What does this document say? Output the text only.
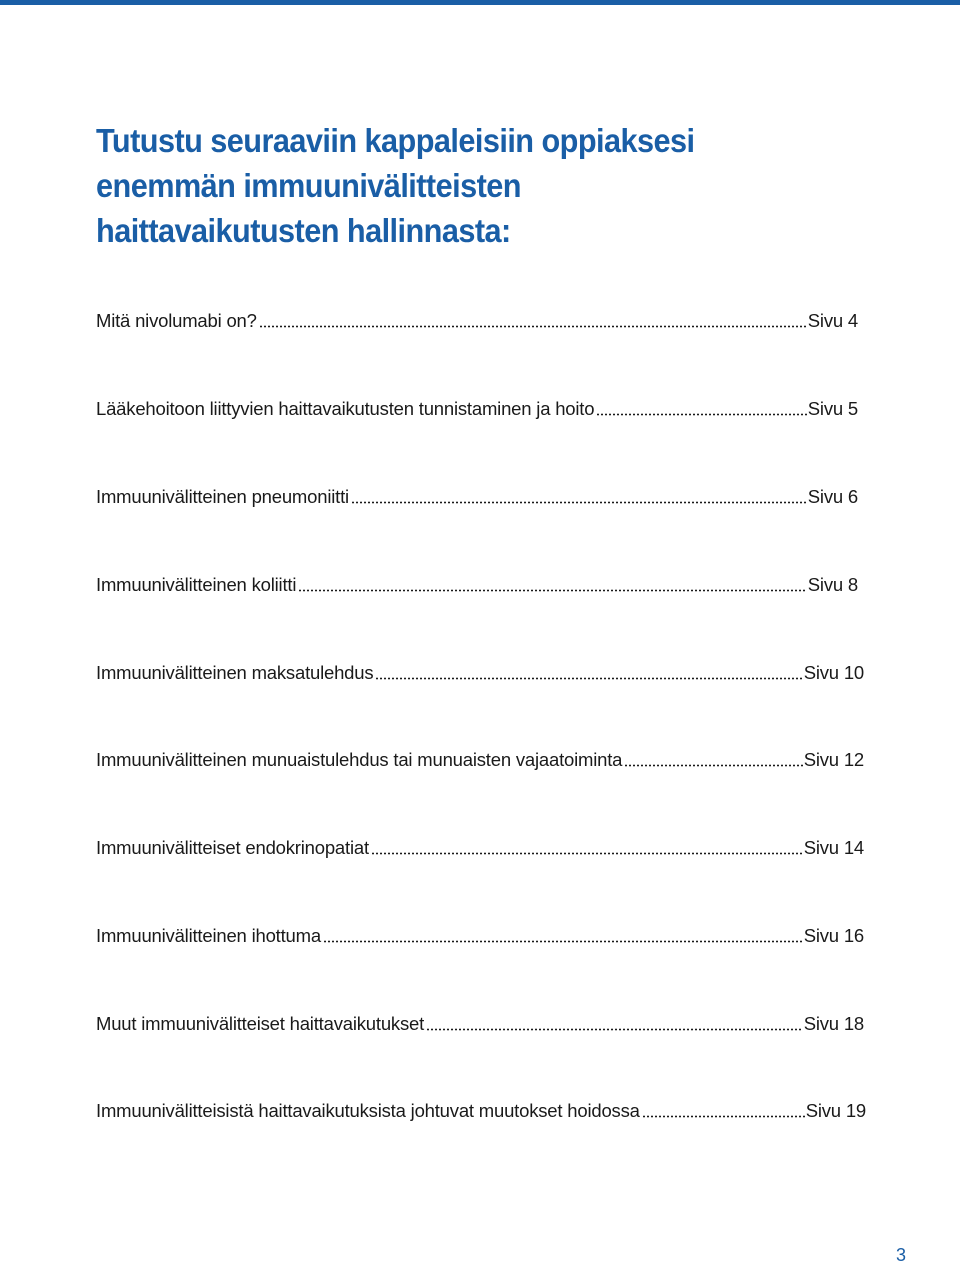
Tutustu seuraaviin kappaleisiin oppiaksesi
enemmän immuunivälitteisten
haittavaikutusten hallinnasta:
Mitä nivolumabi on?	Sivu 4
Lääkehoitoon liittyvien haittavaikutusten tunnistaminen ja hoito	Sivu 5
Immuunivälitteinen pneumoniitti	Sivu 6
Immuunivälitteinen koliitti	Sivu 8
Immuunivälitteinen maksatulehdus	Sivu 10
Immuunivälitteinen munuaistulehdus tai munuaisten vajaatoiminta	Sivu 12
Immuunivälitteiset endokrinopatiat	Sivu 14
Immuunivälitteinen ihottuma	Sivu 16
Muut immuunivälitteiset haittavaikutukset	Sivu 18
Immuunivälitteisistä haittavaikutuksista johtuvat muutokset hoidossa	Sivu 19
3
